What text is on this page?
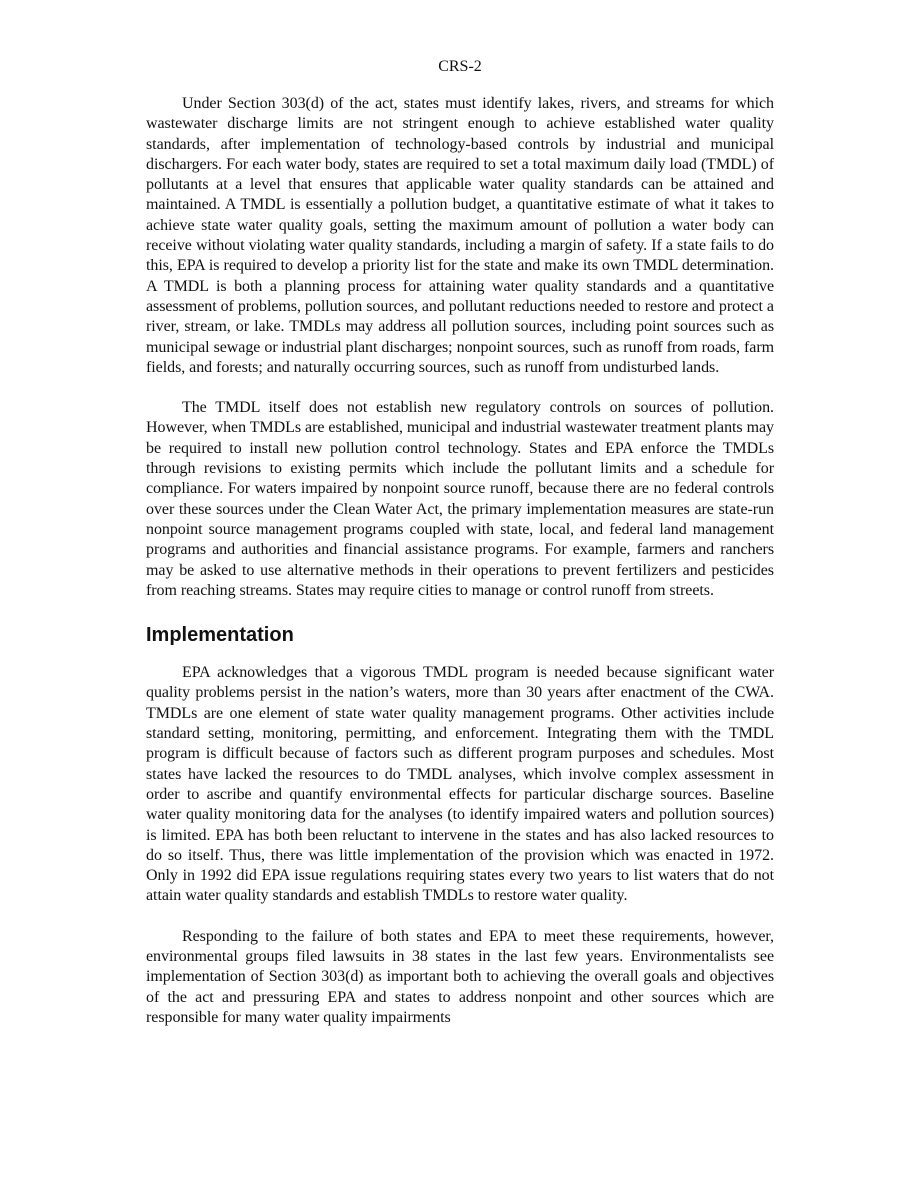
CRS-2

Under Section 303(d) of the act, states must identify lakes, rivers, and streams for which wastewater discharge limits are not stringent enough to achieve established water quality standards, after implementation of technology-based controls by industrial and municipal dischargers. For each water body, states are required to set a total maximum daily load (TMDL) of pollutants at a level that ensures that applicable water quality standards can be attained and maintained. A TMDL is essentially a pollution budget, a quantitative estimate of what it takes to achieve state water quality goals, setting the maximum amount of pollution a water body can receive without violating water quality standards, including a margin of safety. If a state fails to do this, EPA is required to develop a priority list for the state and make its own TMDL determination. A TMDL is both a planning process for attaining water quality standards and a quantitative assessment of problems, pollution sources, and pollutant reductions needed to restore and protect a river, stream, or lake. TMDLs may address all pollution sources, including point sources such as municipal sewage or industrial plant discharges; nonpoint sources, such as runoff from roads, farm fields, and forests; and naturally occurring sources, such as runoff from undisturbed lands.

The TMDL itself does not establish new regulatory controls on sources of pollution. However, when TMDLs are established, municipal and industrial wastewater treatment plants may be required to install new pollution control technology. States and EPA enforce the TMDLs through revisions to existing permits which include the pollutant limits and a schedule for compliance. For waters impaired by nonpoint source runoff, because there are no federal controls over these sources under the Clean Water Act, the primary implementation measures are state-run nonpoint source management programs coupled with state, local, and federal land management programs and authorities and financial assistance programs. For example, farmers and ranchers may be asked to use alternative methods in their operations to prevent fertilizers and pesticides from reaching streams. States may require cities to manage or control runoff from streets.

Implementation

EPA acknowledges that a vigorous TMDL program is needed because significant water quality problems persist in the nation’s waters, more than 30 years after enactment of the CWA. TMDLs are one element of state water quality management programs. Other activities include standard setting, monitoring, permitting, and enforcement. Integrating them with the TMDL program is difficult because of factors such as different program purposes and schedules. Most states have lacked the resources to do TMDL analyses, which involve complex assessment in order to ascribe and quantify environmental effects for particular discharge sources. Baseline water quality monitoring data for the analyses (to identify impaired waters and pollution sources) is limited. EPA has both been reluctant to intervene in the states and has also lacked resources to do so itself. Thus, there was little implementation of the provision which was enacted in 1972. Only in 1992 did EPA issue regulations requiring states every two years to list waters that do not attain water quality standards and establish TMDLs to restore water quality.

Responding to the failure of both states and EPA to meet these requirements, however, environmental groups filed lawsuits in 38 states in the last few years. Environmentalists see implementation of Section 303(d) as important both to achieving the overall goals and objectives of the act and pressuring EPA and states to address nonpoint and other sources which are responsible for many water quality impairments
